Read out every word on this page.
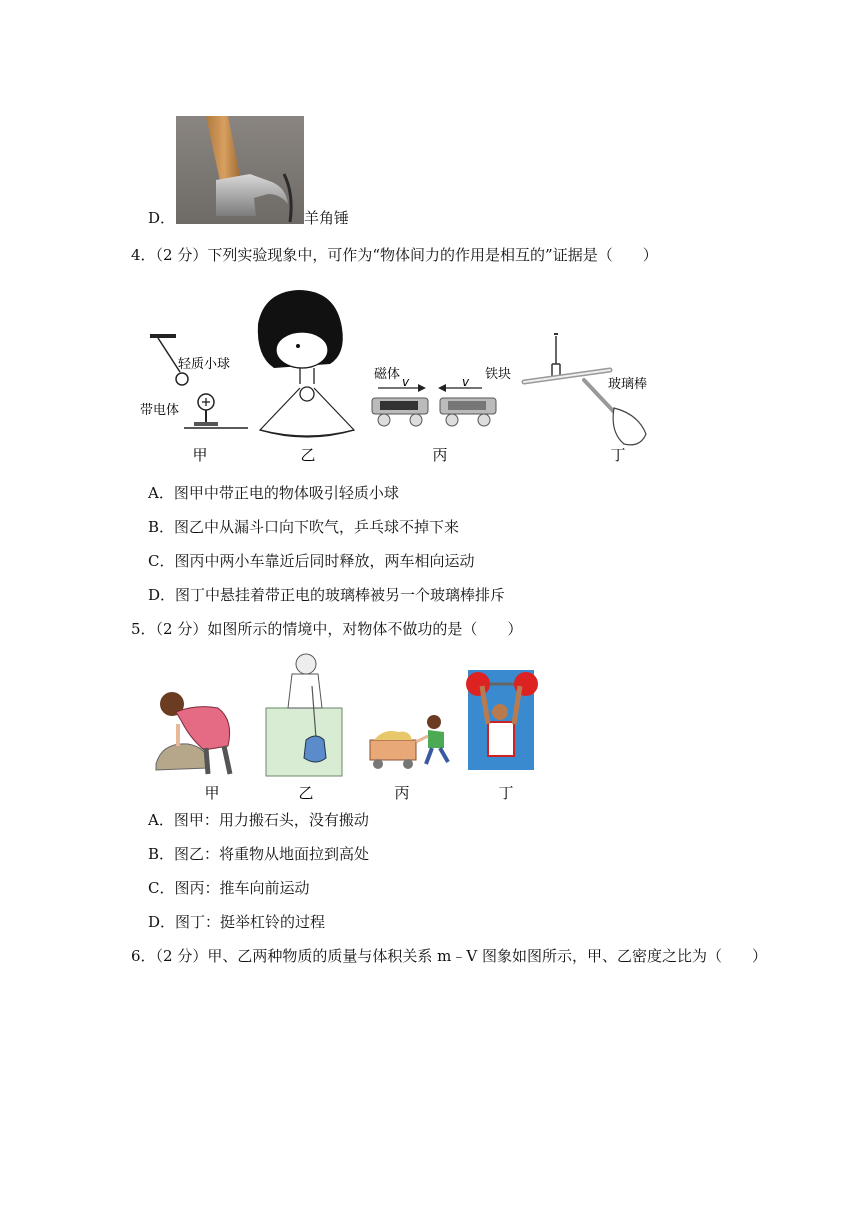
D．	羊角锤
4．（2 分）下列实验现象中，可作为“物体间力的作用是相互的”证据是（　　）
轻质小球
带电体
磁体 v	铁块
v	玻璃棒
甲	乙	丙	丁
A．图甲中带正电的物体吸引轻质小球
B．图乙中从漏斗口向下吹气，乒乓球不掉下来
C．图丙中两小车靠近后同时释放，两车相向运动
D．图丁中悬挂着带正电的玻璃棒被另一个玻璃棒排斥
5．（2 分）如图所示的情境中，对物体不做功的是（　　）
甲	乙	丙	丁
A．图甲：用力搬石头，没有搬动
B．图乙：将重物从地面拉到高处
C．图丙：推车向前运动
D．图丁：挺举杠铃的过程
6．（2 分）甲、乙两种物质的质量与体积关系 m﹣V 图象如图所示，甲、乙密度之比为（　　）
